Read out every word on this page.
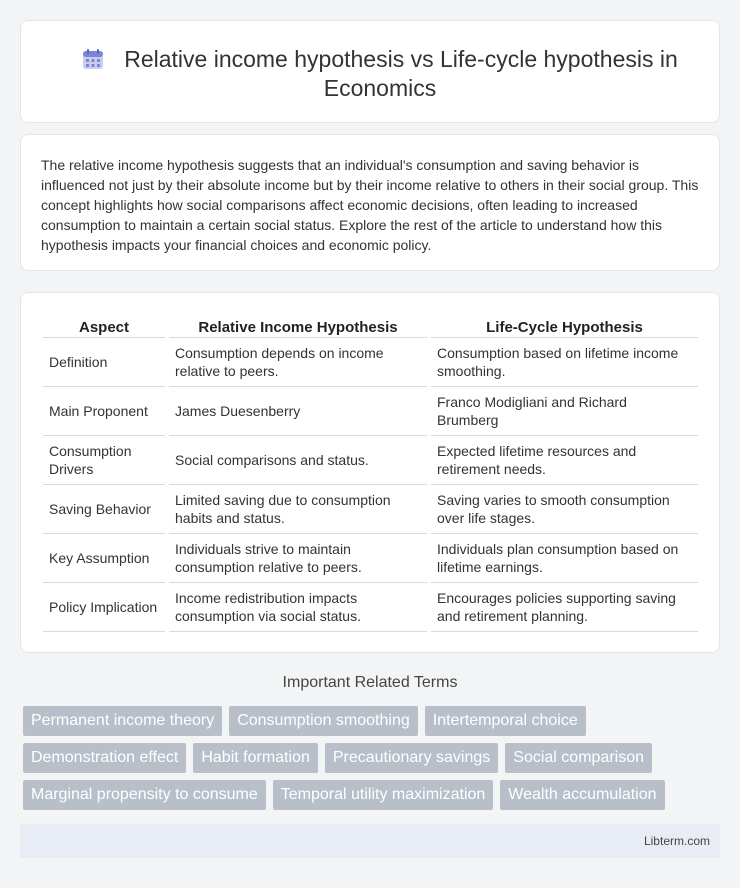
Relative income hypothesis vs Life-cycle hypothesis in Economics

The relative income hypothesis suggests that an individual's consumption and saving behavior is influenced not just by their absolute income but by their income relative to others in their social group. This concept highlights how social comparisons affect economic decisions, often leading to increased consumption to maintain a certain social status. Explore the rest of the article to understand how this hypothesis impacts your financial choices and economic policy.

Aspect	Relative Income Hypothesis	Life-Cycle Hypothesis
Definition	Consumption depends on income relative to peers.	Consumption based on lifetime income smoothing.
Main Proponent	James Duesenberry	Franco Modigliani and Richard Brumberg
Consumption Drivers	Social comparisons and status.	Expected lifetime resources and retirement needs.
Saving Behavior	Limited saving due to consumption habits and status.	Saving varies to smooth consumption over life stages.
Key Assumption	Individuals strive to maintain consumption relative to peers.	Individuals plan consumption based on lifetime earnings.
Policy Implication	Income redistribution impacts consumption via social status.	Encourages policies supporting saving and retirement planning.
Important Related Terms
Permanent income theory	Consumption smoothing	Intertemporal choice
Demonstration effect	Habit formation	Precautionary savings	Social comparison
Marginal propensity to consume	Temporal utility maximization	Wealth accumulation
Libterm.com
